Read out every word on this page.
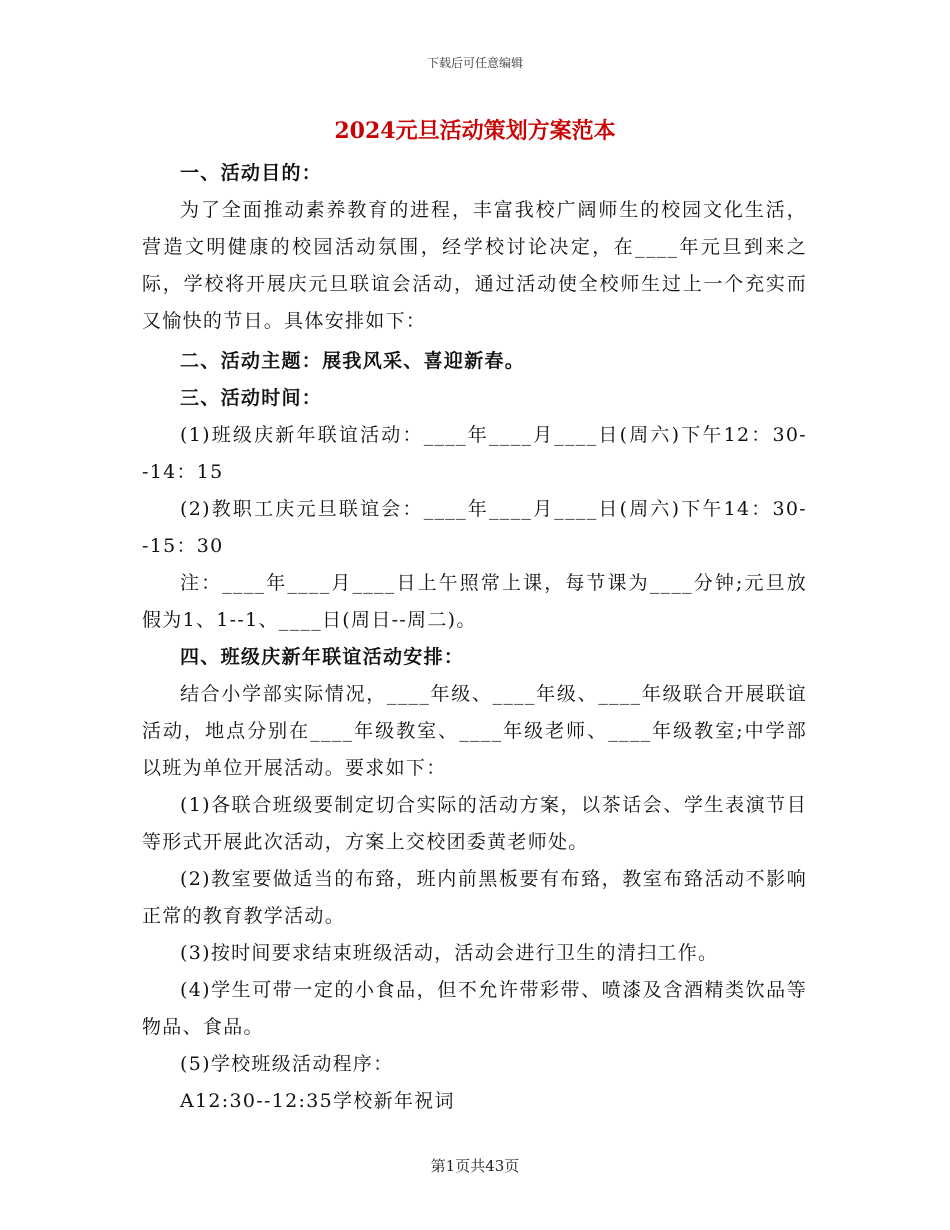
下载后可任意编辑
2024元旦活动策划方案范本

一、活动目的：

为了全面推动素养教育的进程，丰富我校广阔师生的校园文化生活，营造文明健康的校园活动氛围，经学校讨论决定，在____年元旦到来之际，学校将开展庆元旦联谊会活动，通过活动使全校师生过上一个充实而又愉快的节日。具体安排如下：

二、活动主题：展我风采、喜迎新春。

三、活动时间：

(1)班级庆新年联谊活动：____年____月____日(周六)下午12：30--14：15

(2)教职工庆元旦联谊会：____年____月____日(周六)下午14：30--15：30

注：____年____月____日上午照常上课，每节课为____分钟;元旦放假为1、1--1、____日(周日--周二)。

四、班级庆新年联谊活动安排：

结合小学部实际情况，____年级、____年级、____年级联合开展联谊活动，地点分别在____年级教室、____年级老师、____年级教室;中学部以班为单位开展活动。要求如下：

(1)各联合班级要制定切合实际的活动方案，以茶话会、学生表演节目等形式开展此次活动，方案上交校团委黄老师处。

(2)教室要做适当的布臵，班内前黑板要有布臵，教室布臵活动不影响正常的教育教学活动。

(3)按时间要求结束班级活动，活动会进行卫生的清扫工作。

(4)学生可带一定的小食品，但不允许带彩带、喷漆及含酒精类饮品等物品、食品。

(5)学校班级活动程序：

A12:30--12:35学校新年祝词

第1页共43页
